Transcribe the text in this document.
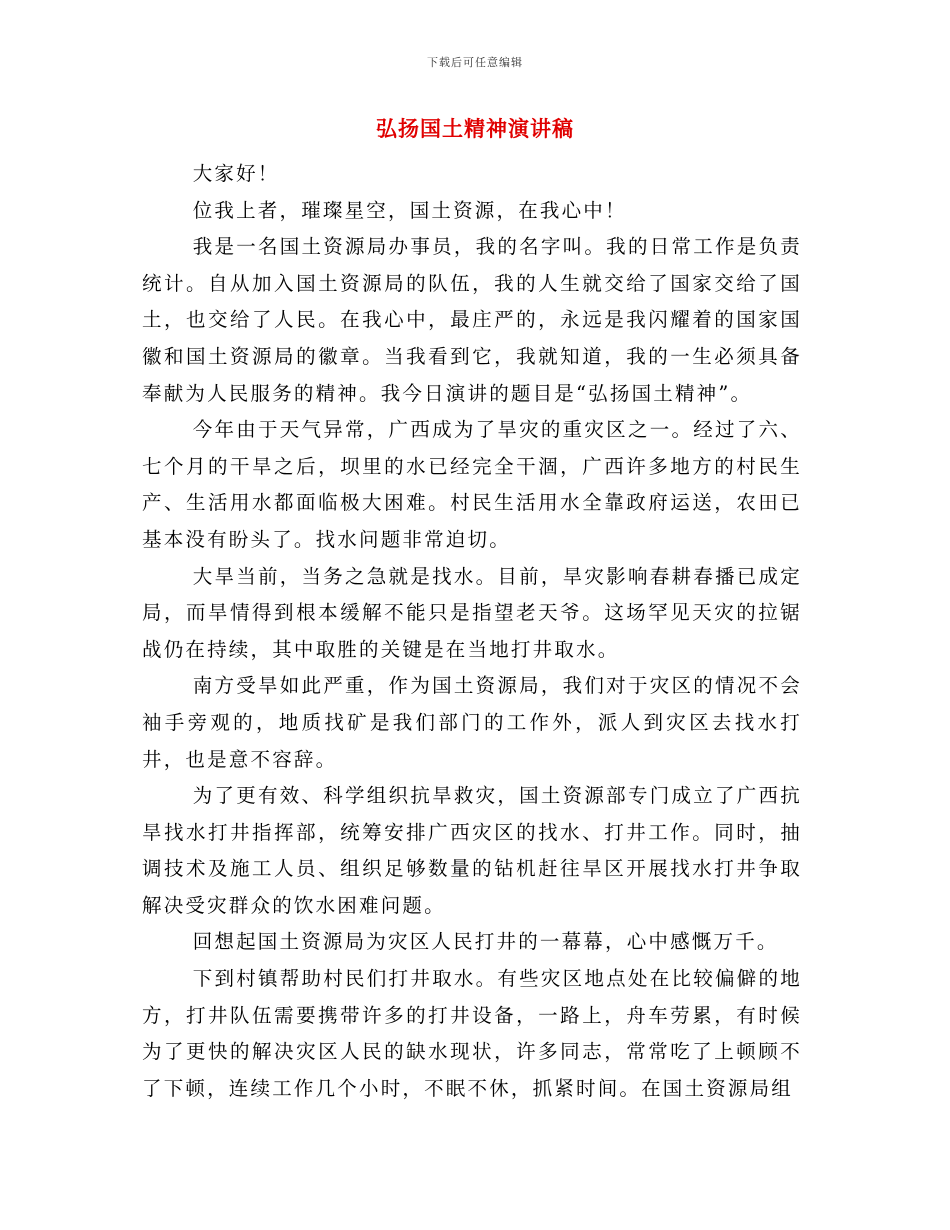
下载后可任意编辑
弘扬国土精神演讲稿

大家好！

位我上者，璀璨星空，国土资源，在我心中！

我是一名国土资源局办事员，我的名字叫。我的日常工作是负责统计。自从加入国土资源局的队伍，我的人生就交给了国家交给了国土，也交给了人民。在我心中，最庄严的，永远是我闪耀着的国家国徽和国土资源局的徽章。当我看到它，我就知道，我的一生必须具备奉献为人民服务的精神。我今日演讲的题目是“弘扬国土精神”。

今年由于天气异常，广西成为了旱灾的重灾区之一。经过了六、七个月的干旱之后，坝里的水已经完全干涸，广西许多地方的村民生产、生活用水都面临极大困难。村民生活用水全靠政府运送，农田已基本没有盼头了。找水问题非常迫切。

大旱当前，当务之急就是找水。目前，旱灾影响春耕春播已成定局，而旱情得到根本缓解不能只是指望老天爷。这场罕见天灾的拉锯战仍在持续，其中取胜的关键是在当地打井取水。

南方受旱如此严重，作为国土资源局，我们对于灾区的情况不会袖手旁观的，地质找矿是我们部门的工作外，派人到灾区去找水打井，也是意不容辞。

为了更有效、科学组织抗旱救灾，国土资源部专门成立了广西抗旱找水打井指挥部，统筹安排广西灾区的找水、打井工作。同时，抽调技术及施工人员、组织足够数量的钻机赶往旱区开展找水打井争取解决受灾群众的饮水困难问题。

回想起国土资源局为灾区人民打井的一幕幕，心中感慨万千。

下到村镇帮助村民们打井取水。有些灾区地点处在比较偏僻的地方，打井队伍需要携带许多的打井设备，一路上，舟车劳累，有时候为了更快的解决灾区人民的缺水现状，许多同志，常常吃了上顿顾不了下顿，连续工作几个小时，不眠不休，抓紧时间。在国土资源局组
